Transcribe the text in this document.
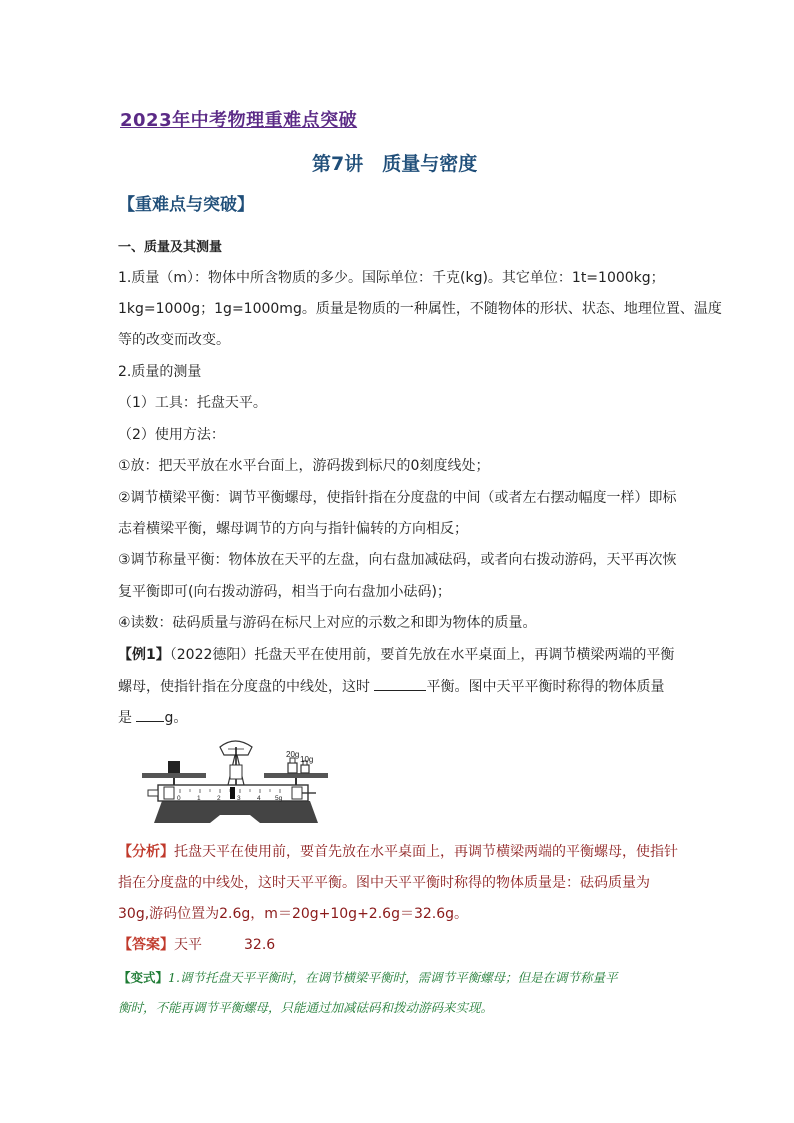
2023年中考物理重难点突破
第7讲　质量与密度
【重难点与突破】
一、质量及其测量
1.质量（m）：物体中所含物质的多少。国际单位：千克(kg)。其它单位：1t=1000kg；
1kg=1000g；1g=1000mg。质量是物质的一种属性，不随物体的形状、状态、地理位置、温度
等的改变而改变。
2.质量的测量
（1）工具：托盘天平。
（2）使用方法：
①放：把天平放在水平台面上，游码拨到标尺的0刻度线处；
②调节横梁平衡：调节平衡螺母，使指针指在分度盘的中间（或者左右摆动幅度一样）即标
志着横梁平衡，螺母调节的方向与指针偏转的方向相反；
③调节称量平衡：物体放在天平的左盘，向右盘加减砝码，或者向右拨动游码，天平再次恢
复平衡即可(向右拨动游码，相当于向右盘加小砝码)；
④读数：砝码质量与游码在标尺上对应的示数之和即为物体的质量。
【例1】（2022德阳）托盘天平在使用前，要首先放在水平桌面上，再调节横梁两端的平衡
螺母，使指针指在分度盘的中线处，这时	平衡。图中天平平衡时称得的物体质量
是 g。
20g
10g
0	1	2	3	4 5g
【分析】托盘天平在使用前，要首先放在水平桌面上，再调节横梁两端的平衡螺母，使指针
指在分度盘的中线处，这时天平平衡。图中天平平衡时称得的物体质量是：砝码质量为
30g,游码位置为2.6g，m＝20g+10g+2.6g＝32.6g。
【答案】天平	32.6
【变式】1.调节托盘天平平衡时，在调节横梁平衡时，需调节平衡螺母；但是在调节称量平
衡时，不能再调节平衡螺母，只能通过加减砝码和拨动游码来实现。
